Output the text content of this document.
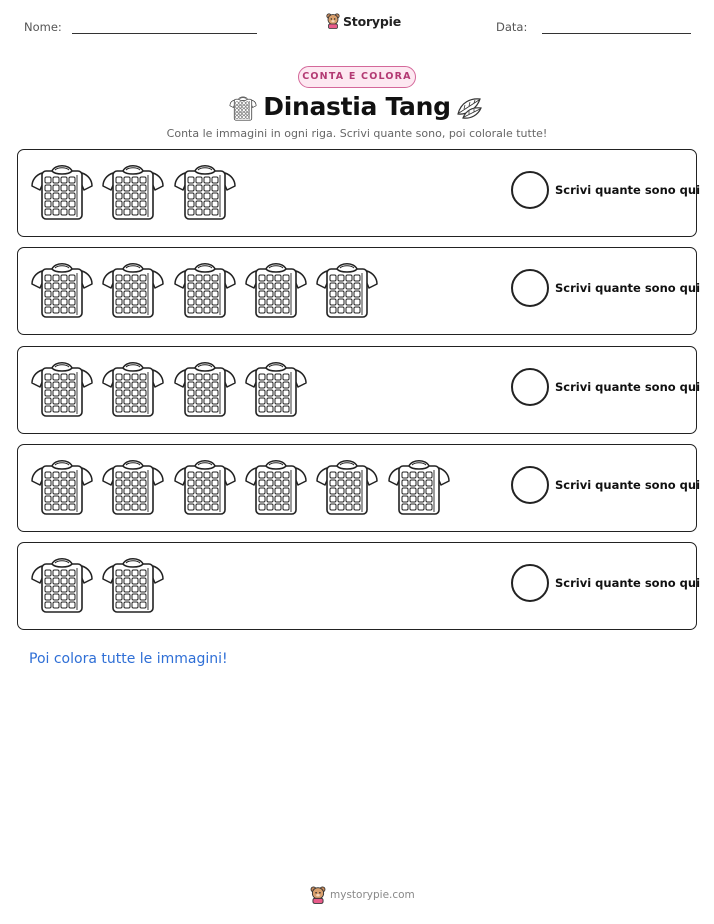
Nome:	Storypie	Data:
CONTA E COLORA
Dinastia Tang
Conta le immagini in ogni riga. Scrivi quante sono, poi colorale tutte!
Scrivi quante sono qui
Scrivi quante sono qui
Scrivi quante sono qui
Scrivi quante sono qui
Scrivi quante sono qui
Poi colora tutte le immagini!
mystorypie.com
